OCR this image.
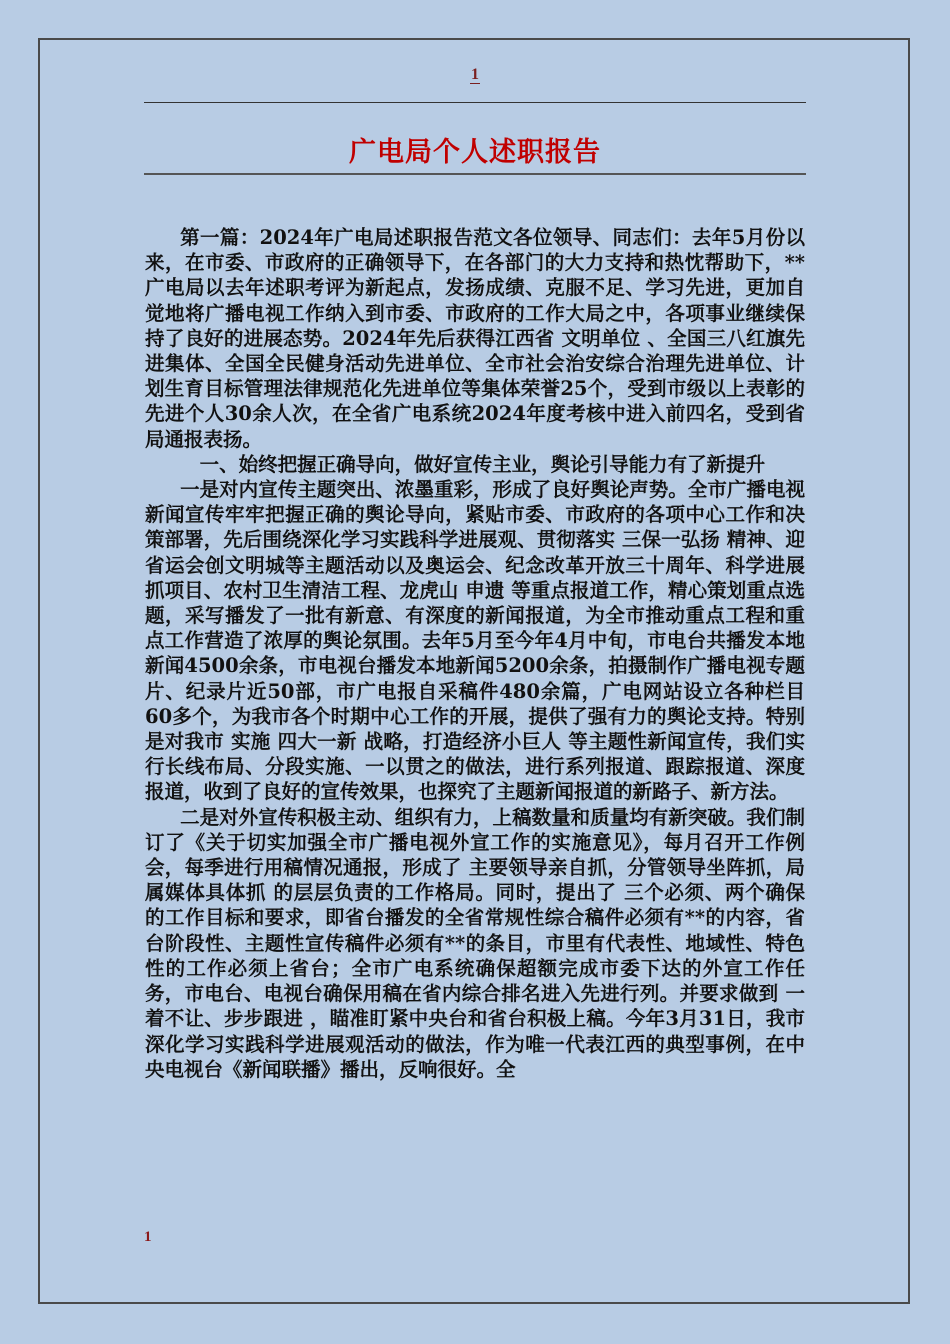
1
广电局个人述职报告

第一篇：2024年广电局述职报告范文各位领导、同志们：去年5月份以来，在市委、市政府的正确领导下，在各部门的大力支持和热忱帮助下，**广电局以去年述职考评为新起点，发扬成绩、克服不足、学习先进，更加自觉地将广播电视工作纳入到市委、市政府的工作大局之中，各项事业继续保持了良好的进展态势。2024年先后获得江西省 文明单位 、全国三八红旗先进集体、全国全民健身活动先进单位、全市社会治安综合治理先进单位、计划生育目标管理法律规范化先进单位等集体荣誉25个，受到市级以上表彰的先进个人30余人次，在全省广电系统2024年度考核中进入前四名，受到省局通报表扬。

一、始终把握正确导向，做好宣传主业，舆论引导能力有了新提升

一是对内宣传主题突出、浓墨重彩，形成了良好舆论声势。全市广播电视新闻宣传牢牢把握正确的舆论导向，紧贴市委、市政府的各项中心工作和决策部署，先后围绕深化学习实践科学进展观、贯彻落实 三保一弘扬 精神、迎省运会创文明城等主题活动以及奥运会、纪念改革开放三十周年、科学进展抓项目、农村卫生清洁工程、龙虎山 申遗 等重点报道工作，精心策划重点选题，采写播发了一批有新意、有深度的新闻报道，为全市推动重点工程和重点工作营造了浓厚的舆论氛围。去年5月至今年4月中旬，市电台共播发本地新闻4500余条，市电视台播发本地新闻5200余条，拍摄制作广播电视专题片、纪录片近50部，市广电报自采稿件480余篇，广电网站设立各种栏目60多个，为我市各个时期中心工作的开展，提供了强有力的舆论支持。特别是对我市 实施 四大一新 战略，打造经济小巨人 等主题性新闻宣传，我们实行长线布局、分段实施、一以贯之的做法，进行系列报道、跟踪报道、深度报道，收到了良好的宣传效果，也探究了主题新闻报道的新路子、新方法。

二是对外宣传积极主动、组织有力，上稿数量和质量均有新突破。我们制订了《关于切实加强全市广播电视外宣工作的实施意见》，每月召开工作例会，每季进行用稿情况通报，形成了 主要领导亲自抓，分管领导坐阵抓，局属媒体具体抓 的层层负责的工作格局。同时，提出了 三个必须、两个确保 的工作目标和要求，即省台播发的全省常规性综合稿件必须有**的内容，省台阶段性、主题性宣传稿件必须有**的条目，市里有代表性、地域性、特色性的工作必须上省台；全市广电系统确保超额完成市委下达的外宣工作任务，市电台、电视台确保用稿在省内综合排名进入先进行列。并要求做到 一着不让、步步跟进 ，瞄准盯紧中央台和省台积极上稿。今年3月31日，我市深化学习实践科学进展观活动的做法，作为唯一代表江西的典型事例，在中央电视台《新闻联播》播出，反响很好。全

1
